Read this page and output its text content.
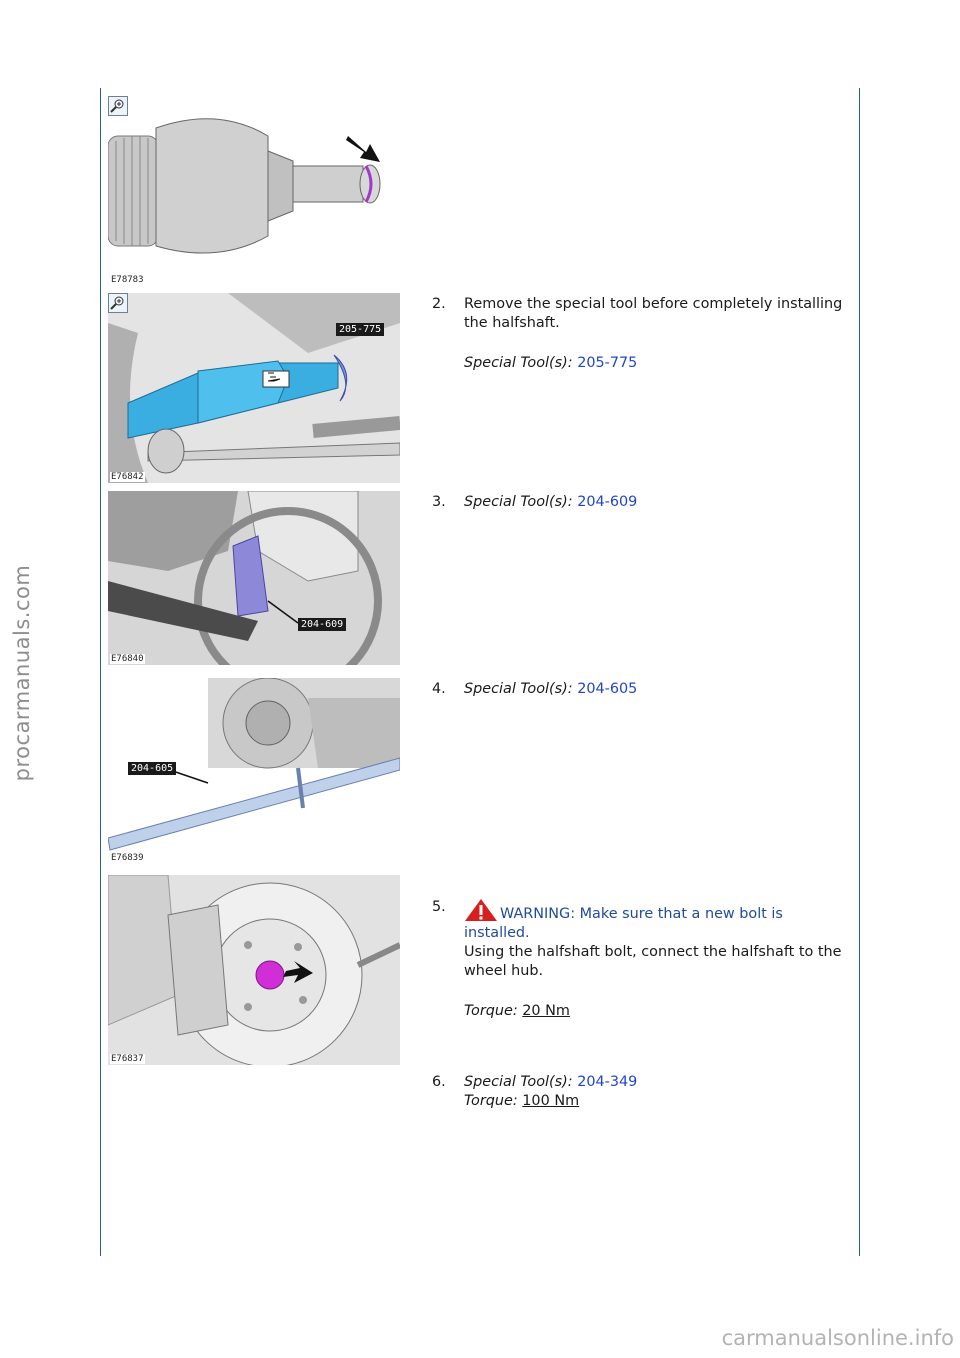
procarmanuals.com
carmanualsonline.info
E78783
205-775
E76842
204-609
E76840
204-605
E76839
E76837
2. Remove the special tool before completely installing the halfshaft.
Special Tool(s): 205-775
3. Special Tool(s): 204-609
4. Special Tool(s): 204-605
5.	WARNING: Make sure that a new bolt is installed.
Using the halfshaft bolt, connect the halfshaft to the wheel hub.
Torque: 20 Nm
6. Special Tool(s): 204-349
Torque: 100 Nm
